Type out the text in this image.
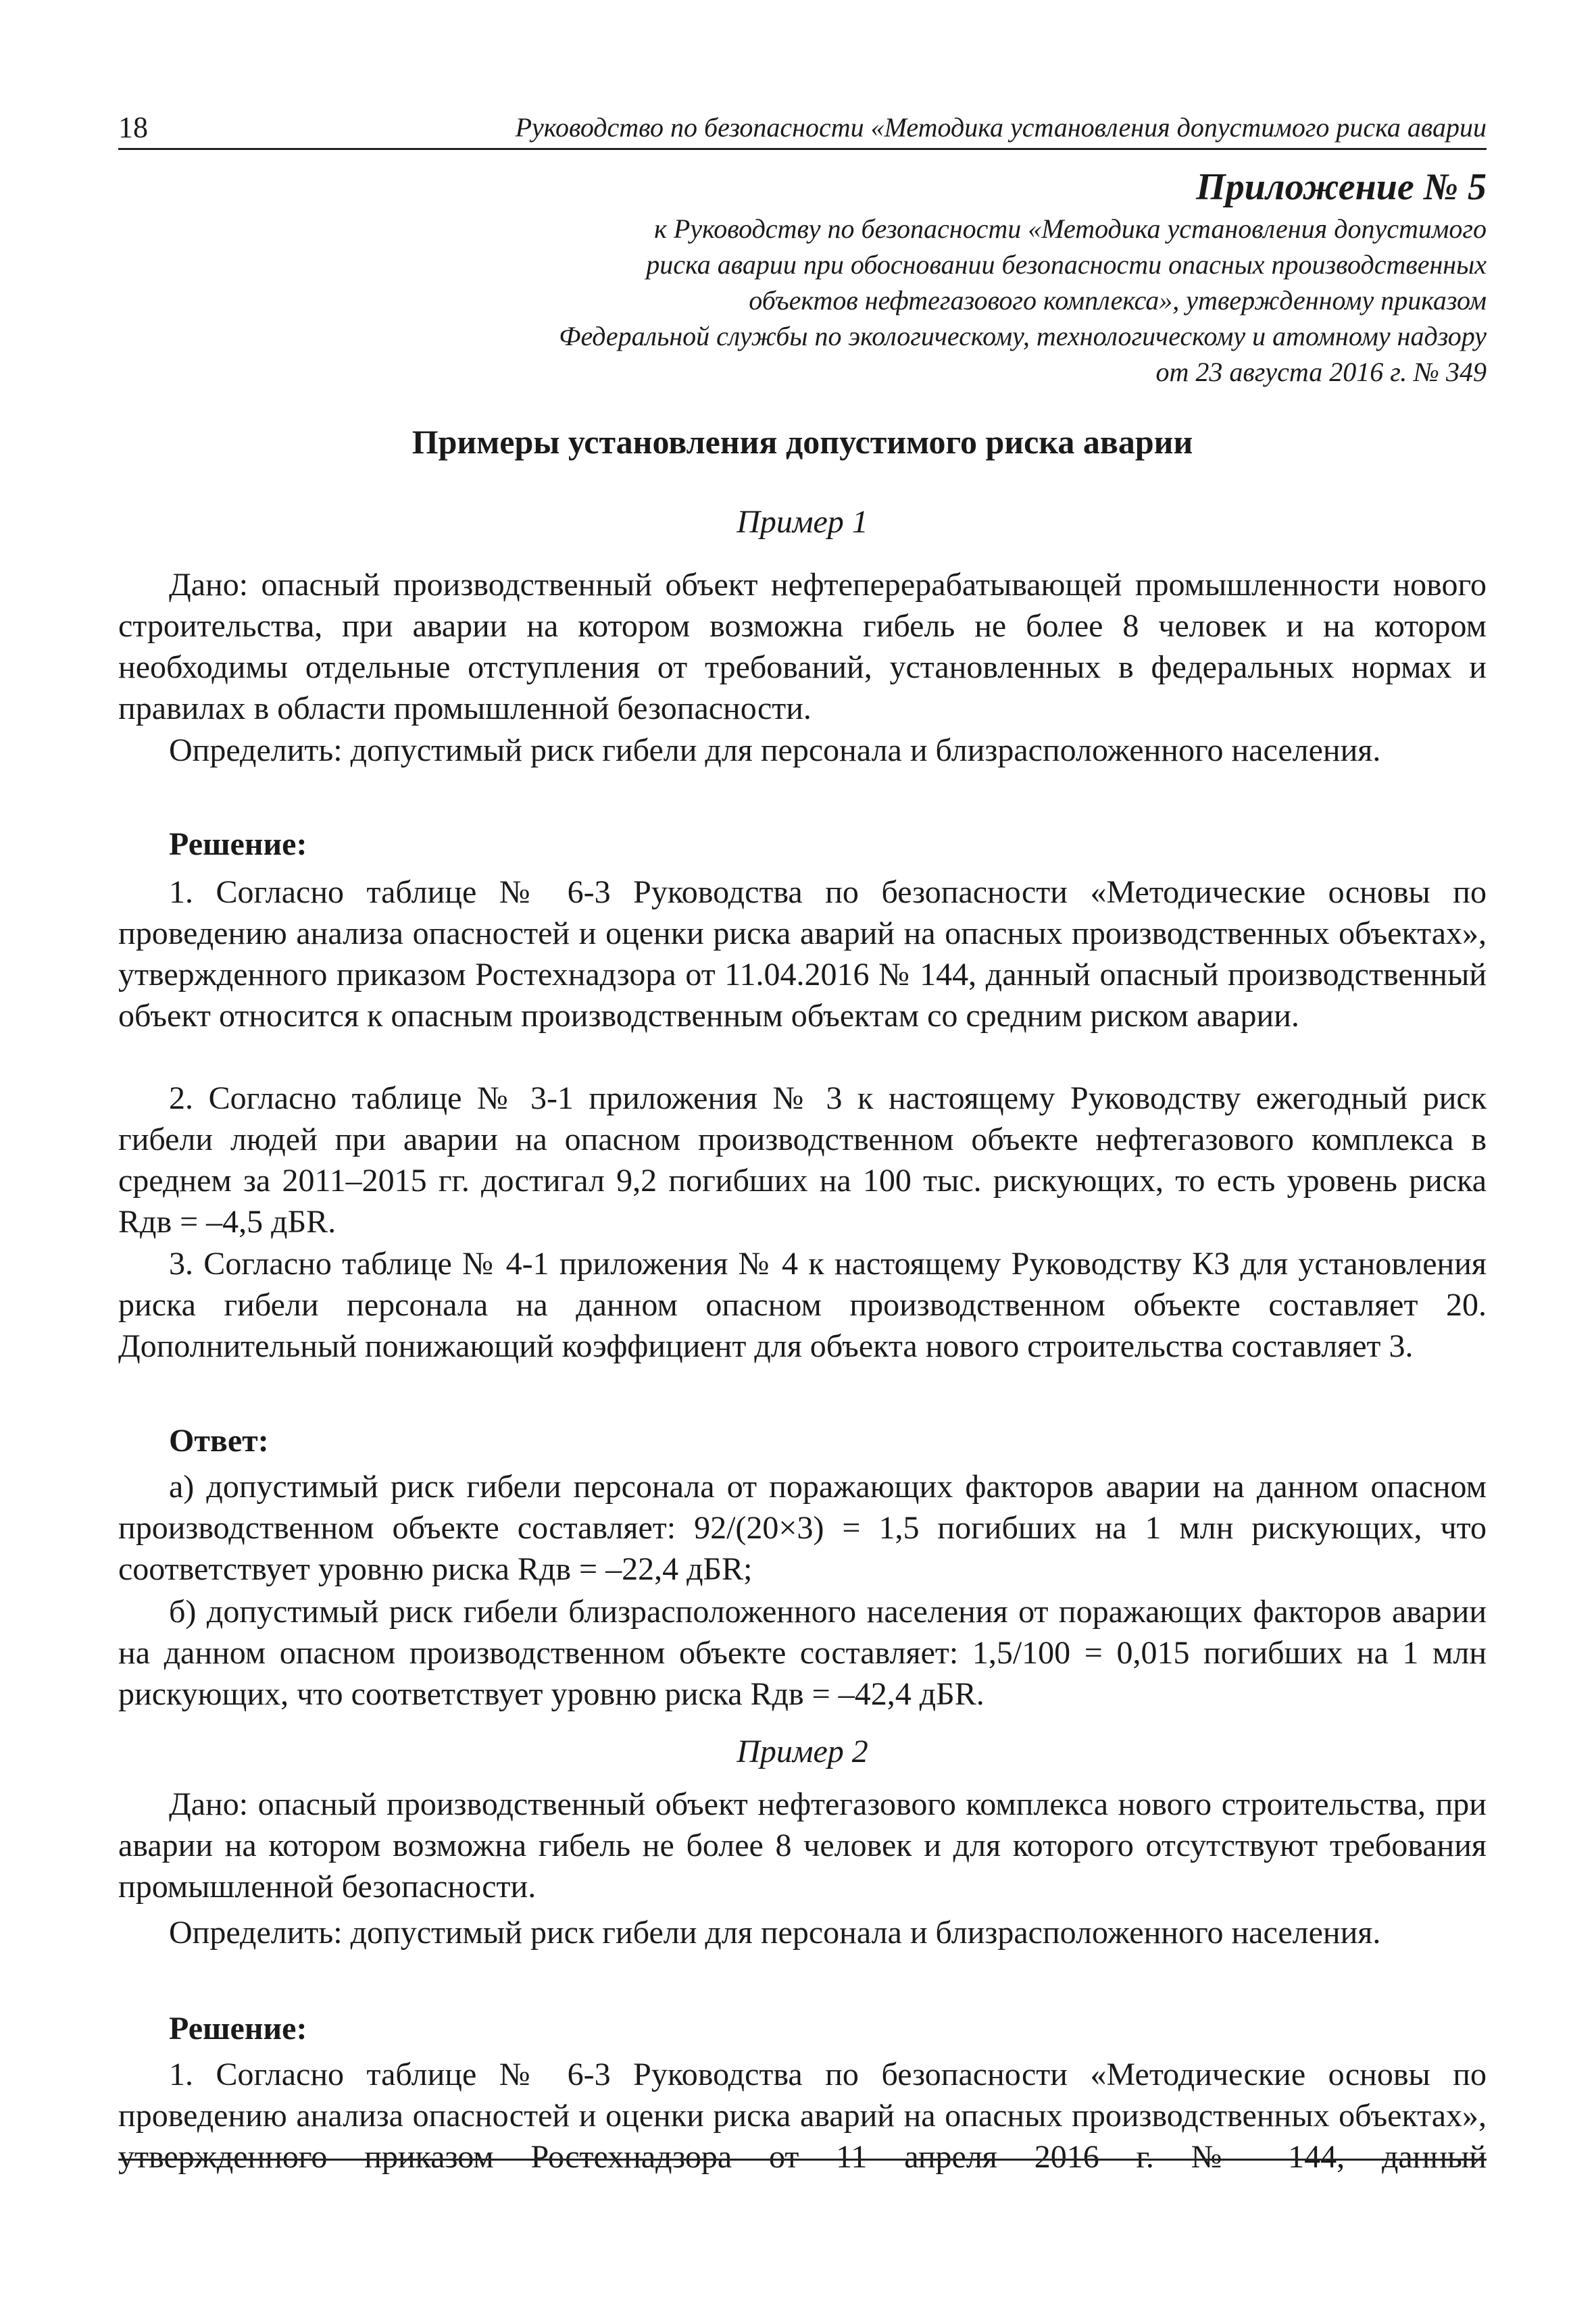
18	Руководство по безопасности «Методика установления допустимого риска аварии
Приложение № 5
к Руководству по безопасности «Методика установления допустимого
риска аварии при обосновании безопасности опасных производственных
объектов нефтегазового комплекса», утвержденному приказом
Федеральной службы по экологическому, технологическому и атомному надзору
от 23 августа 2016 г. № 349
Примеры установления допустимого риска аварии
Пример 1

Дано: опасный производственный объект нефтеперерабатывающей промышленности нового строительства, при аварии на котором возможна гибель не более 8 человек и на котором необходимы отдельные отступления от требований, установленных в федеральных нормах и правилах в области промышленной безопасности.

Определить: допустимый риск гибели для персонала и близрасположенного населения.

Решение:

1. Согласно таблице № 6-3 Руководства по безопасности «Методические основы по проведению анализа опасностей и оценки риска аварий на опасных производственных объектах», утвержденного приказом Ростехнадзора от 11.04.2016 № 144, данный опасный производственный объект относится к опасным производственным объектам со средним риском аварии.

2. Согласно таблице № 3-1 приложения № 3 к настоящему Руководству ежегодный риск гибели людей при аварии на опасном производственном объекте нефтегазового комплекса в среднем за 2011–2015 гг. достигал 9,2 погибших на 100 тыс. рискующих, то есть уровень риска Rдв = –4,5 дБR.

3. Согласно таблице № 4-1 приложения № 4 к настоящему Руководству КЗ для установления риска гибели персонала на данном опасном производственном объекте составляет 20. Дополнительный понижающий коэффициент для объекта нового строительства составляет 3.

Ответ:

а) допустимый риск гибели персонала от поражающих факторов аварии на данном опасном производственном объекте составляет: 92/(20×3) = 1,5 погибших на 1 млн рискующих, что соответствует уровню риска Rдв = –22,4 дБR;

б) допустимый риск гибели близрасположенного населения от поражающих факторов аварии на данном опасном производственном объекте составляет: 1,5/100 = 0,015 погибших на 1 млн рискующих, что соответствует уровню риска Rдв = –42,4 дБR.

Пример 2

Дано: опасный производственный объект нефтегазового комплекса нового строительства, при аварии на котором возможна гибель не более 8 человек и для которого отсутствуют требования промышленной безопасности.

Определить: допустимый риск гибели для персонала и близрасположенного населения.

Решение:

1. Согласно таблице № 6-3 Руководства по безопасности «Методические основы по проведению анализа опасностей и оценки риска аварий на опасных производственных объектах», утвержденного приказом Ростехнадзора от 11 апреля 2016 г. № 144, данный
